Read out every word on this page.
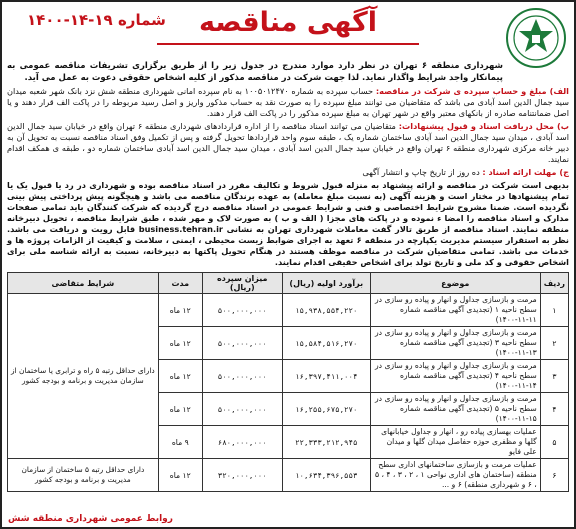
آگهی مناقصه
شماره ۱۹-۱۴-۱۴۰۰

شهرداری منطقه ۶ تهران در نظر دارد موارد مندرج در جدول زیر را از طریق برگزاری تشریفات مناقصه عمومی به پیمانکار واجد شرایط واگذار نماید. لذا جهت شرکت در مناقصه مذکور از کلیه اشخاص حقوقی دعوت به عمل می آید.

الف) مبلغ و حساب سپرده ی شرکت در مناقصه: حساب سپرده به شماره ۱۰۰۵۰۱۲۴۷۰ به نام سپرده امانی شهرداری منطقه شش نزد بانک شهر شعبه میدان سید جمال الدین اسد آبادی می باشد که متقاضیان می توانند مبلغ سپرده را به صورت نقد به حساب مذکور واریز و اصل رسید مربوطه را در پاکت الف قرار دهند و یا اصل ضمانتنامه صادره از بانکهای معتبر واقع در شهر تهران به مبلغ سپرده مذکور را در پاکت الف قرار دهند.

ب) محل دریافت اسناد و قبول پیشنهادات: متقاضیان می توانند اسناد مناقصه را از اداره قراردادهای شهرداری منطقه ۶ تهران واقع در خیابان سید جمال الدین اسد آبادی ، میدان سید جمال الدین اسد آبادی ساختمان شماره یک ، طبقه سوم واحد قراردادها تحویل گرفته و پس از تکمیل وفق اسناد مناقصه نسبت به تحویل آن به دبیر خانه مرکزی شهرداری منطقه ۶ تهران واقع در خیابان سید جمال الدین اسد آبادی ، میدان سید جمال الدین اسد آبادی ساختمان شماره دو ، طبقه ی همکف اقدام نمایند.

ج) مهلت ارائه اسناد : ده روز از تاریخ چاپ و انتشار آگهی

بدیهی است شرکت در مناقصه و ارائه پیشنهاد به منزله قبول شروط و تکالیف مقرر در اسناد مناقصه بوده و شهرداری در رد یا قبول یک یا تمام پیشنهادها در مختار است و هزینه آگهی (به نسبت مبلغ معامله) به عهده برندگان مناقصه می باشد و هیچگونه پیش پرداختی پیش بینی نگردیده است. ضمنا مشروح شرایط اختصاصی و فنی و شرایط عمومی در اسناد مناقصه درج گردیده که شرکت کنندگان باید تمامی صفحات مدارک و اسناد مناقصه را امضا ء نموده و در پاکت های مجزا ( الف و ب ) به صورت لاک و مهر شده ، طبق شرایط مناقصه ، تحویل دبیرخانه منطقه نمایند. اسناد مناقصه از طریق تالار گفت معاملات شهرداری تهران به نشانی business.tehran.ir قابل رویت و دریافت می باشد. نظر به استقرار سیستم مدیریت یکپارچه در منطقه ۶ تعهد به اجرای ضوابط زیست محیطی ، ایمنی ، سلامت و کیفیت از الزامات پروژه ها و خدمات می باشد. تمامی متقاضیان شرکت در مناقصه موظف هستند در هنگام تحویل پاکتها به دبیرخانه، نسبت به ارائه شناسه ملی برای اشخاص حقوقی و کد ملی و تاریخ تولد برای اشخاص حقیقی اقدام نمایند.

ردیف	موضوع	برآورد اولیه (ریال)	میزان سپرده (ریال)	مدت	شرایط متقاضی
۱	مرمت و بازسازی جداول و انهار و پیاده رو سازی در سطح ناحیه ۱ (تجدیدی آگهی مناقصه شماره ۱۱-۱۱-۱۴۰۰)	۱۵,۹۳۸,۵۵۴,۲۲۰	۵۰۰,۰۰۰,۰۰۰	۱۲ ماه	دارای حداقل رتبه ۵ راه و ترابری یا ساختمان از سازمان مدیریت و برنامه و بودجه کشور
۲	مرمت و بازسازی جداول و انهار و پیاده رو سازی در سطح ناحیه ۳ (تجدیدی آگهی مناقصه شماره ۱۳-۱۱-۱۴۰۰)	۱۵,۵۸۴,۵۱۶,۲۷۰	۵۰۰,۰۰۰,۰۰۰	۱۲ ماه	
۳	مرمت و بازسازی جداول و انهار و پیاده رو سازی در سطح ناحیه ۴ (تجدیدی آگهی مناقصه شماره ۱۴-۱۱-۱۴۰۰)	۱۶,۳۹۷,۴۱۱,۰۰۴	۵۰۰,۰۰۰,۰۰۰	۱۲ ماه	
۴	مرمت و بازسازی جداول و انهار و پیاده رو سازی در سطح ناحیه ۵ (تجدیدی آگهی مناقصه شماره ۱۵-۱۱-۱۴۰۰)	۱۶,۲۵۵,۶۷۵,۲۷۰	۵۰۰,۰۰۰,۰۰۰	۱۲ ماه	
۵	عملیات بهسازی پیاده رو ، انهار و جداول خیابانهای گلها و مظفری حوزه حفاصل میدان گلها و میدان علی فایو	۲۲,۳۳۳,۲۱۲,۹۴۵	۶۸۰,۰۰۰,۰۰۰	۹ ماه	
۶	عملیات مرمت و بازسازی ساختمانهای اداری سطح منطقه (ساختمان های اداری نواحی ۱ ، ۲ ، ۳ ، ۴ ، ۵ ، ۶ و شهرداری منطقه) ۶ و ...	۱۰,۶۳۴,۳۹۶,۵۵۳	۳۲۰,۰۰۰,۰۰۰	۱۲ ماه	دارای حداقل رتبه ۵ ساختمان از سازمان مدیریت و برنامه و بودجه کشور
روابط عمومی شهرداری منطقه شش
